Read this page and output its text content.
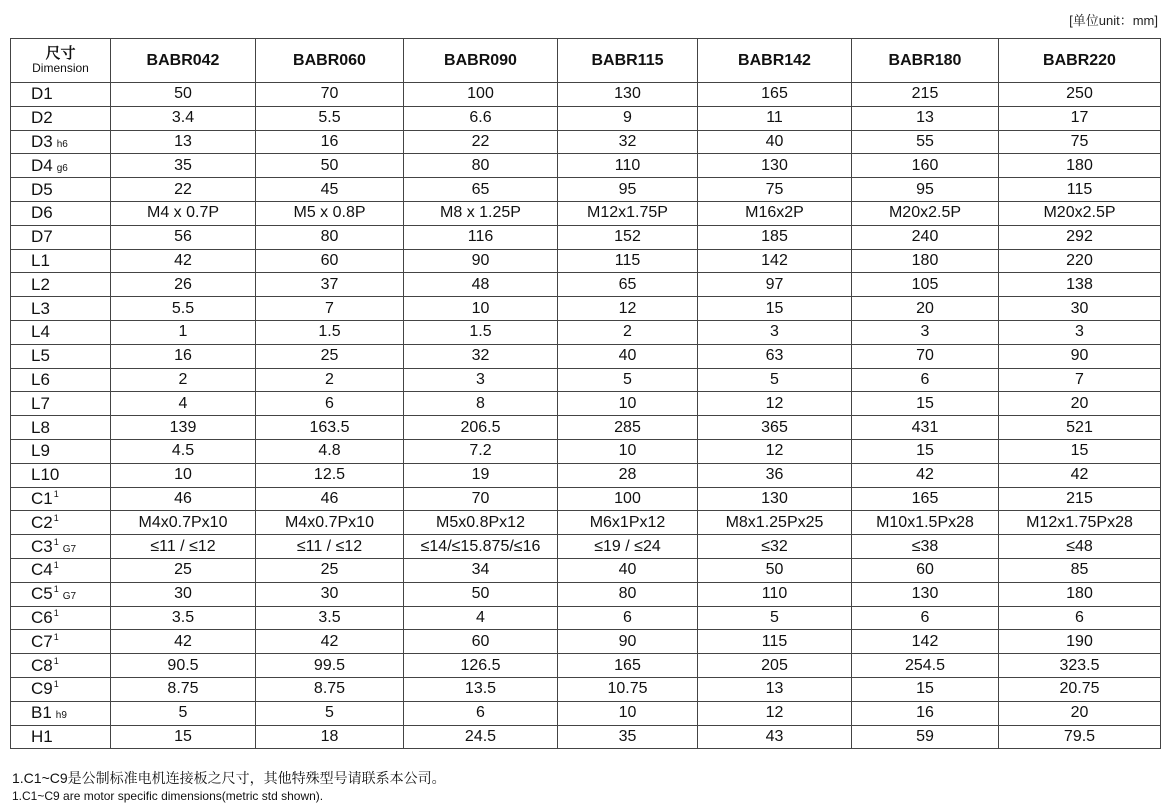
[单位unit：mm]
尺寸
Dimension	BABR042	BABR060	BABR090	BABR115	BABR142	BABR180	BABR220
D1	50	70	100	130	165	215	250
D2	3.4	5.5	6.6	9	11	13	17
D3 h6	13	16	22	32	40	55	75
D4 g6	35	50	80	110	130	160	180
D5	22	45	65	95	75	95	115
D6	M4 x 0.7P	M5 x 0.8P	M8 x 1.25P	M12x1.75P	M16x2P	M20x2.5P	M20x2.5P
D7	56	80	116	152	185	240	292
L1	42	60	90	115	142	180	220
L2	26	37	48	65	97	105	138
L3	5.5	7	10	12	15	20	30
L4	1	1.5	1.5	2	3	3	3
L5	16	25	32	40	63	70	90
L6	2	2	3	5	5	6	7
L7	4	6	8	10	12	15	20
L8	139	163.5	206.5	285	365	431	521
L9	4.5	4.8	7.2	10	12	15	15
L10	10	12.5	19	28	36	42	42
$C1^1$	46	46	70	100	130	165	215
$C2^1$	M4x0.7Px10	M4x0.7Px10	M5x0.8Px12	M6x1Px12	M8x1.25Px25	M10x1.5Px28	M12x1.75Px28
$C3^1G7$	≤11 / ≤12	≤11 / ≤12	≤14/≤15.875/≤16	≤19 / ≤24	≤32	≤38	≤48
$C4^1$	25	25	34	40	50	60	85
$C5^1G7$	30	30	50	80	110	130	180
$C6^1$	3.5	3.5	4	6	5	6	6
$C7^1$	42	42	60	90	115	142	190
$C8^1$	90.5	99.5	126.5	165	205	254.5	323.5
$C9^1$	8.75	8.75	13.5	10.75	13	15	20.75
B1 h9	5	5	6	10	12	16	20
H1	15	18	24.5	35	43	59	79.5

1.C1~C9是公制标准电机连接板之尺寸，其他特殊型号请联系本公司。

1.C1~C9 are motor specific dimensions(metric std shown).
